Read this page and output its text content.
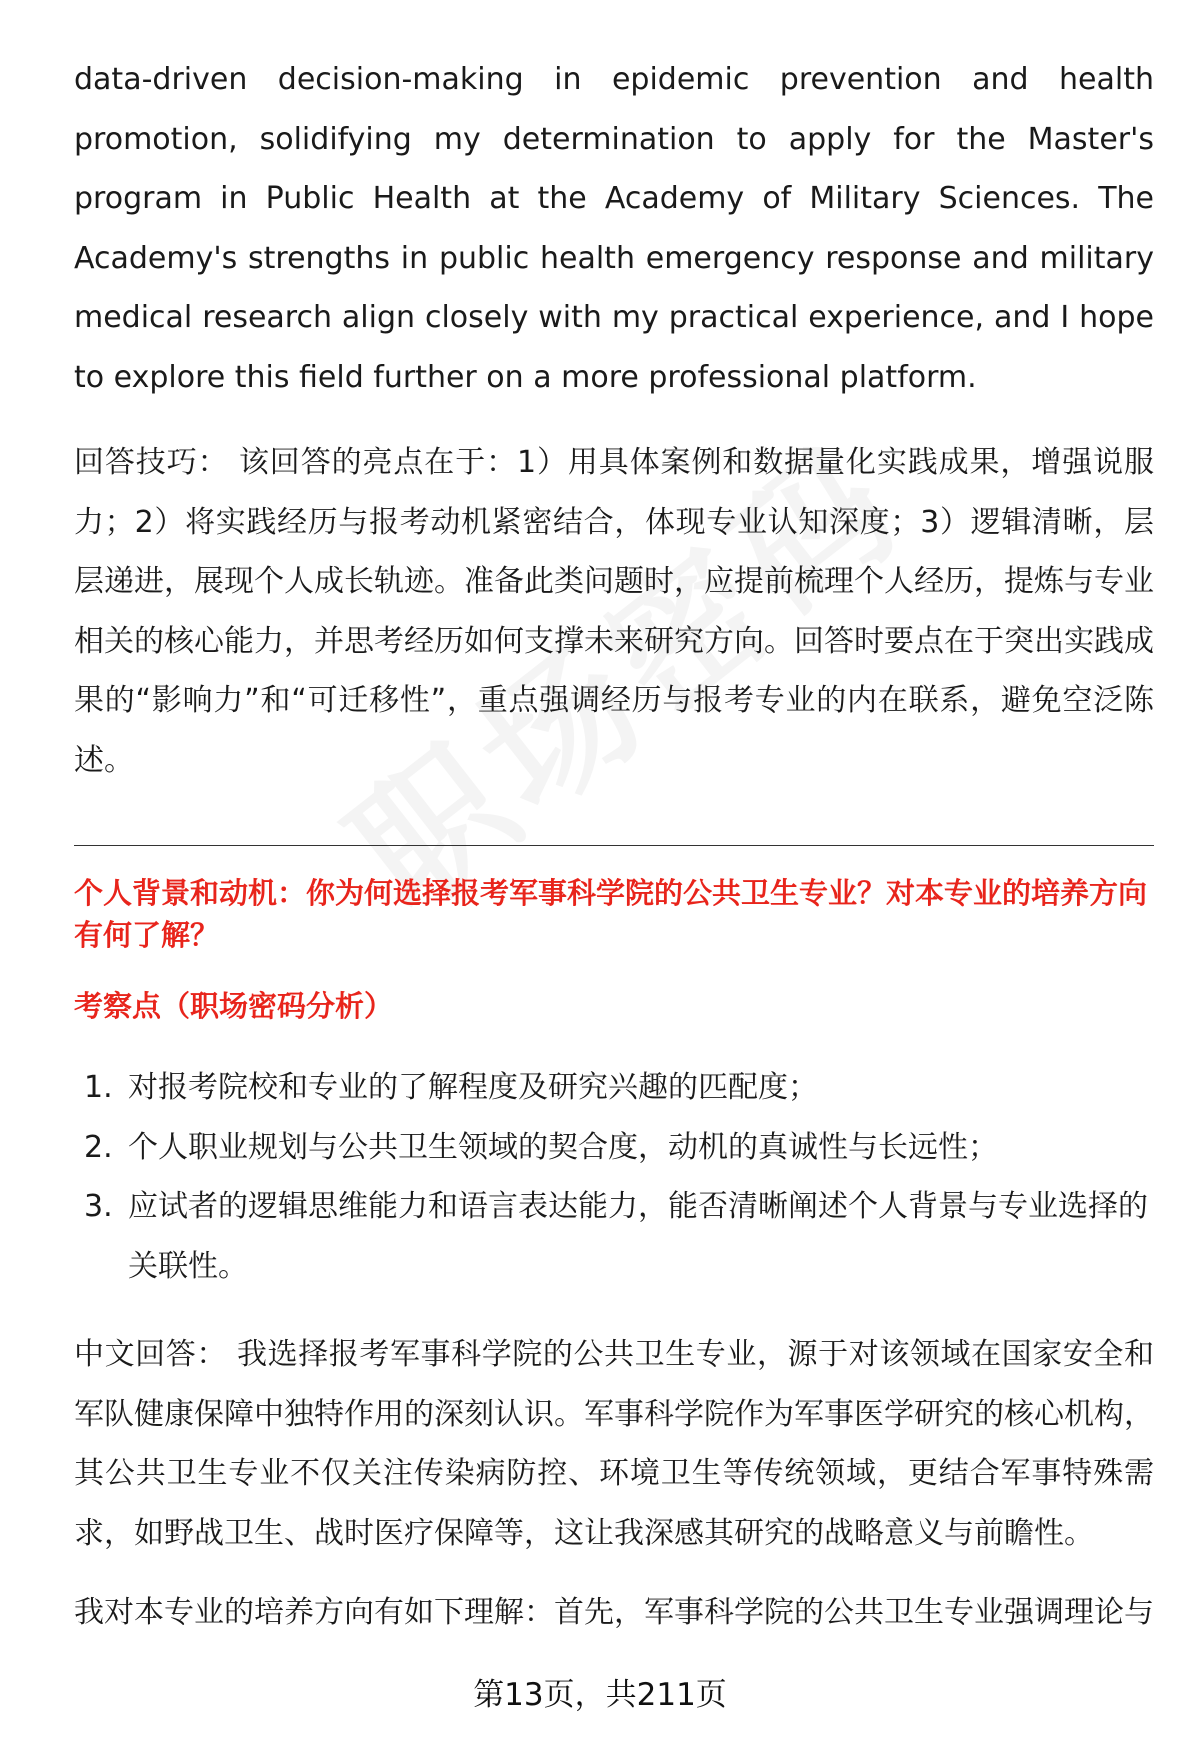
data-driven decision-making in epidemic prevention and health promotion, solidifying my determination to apply for the Master's program in Public Health at the Academy of Military Sciences. The Academy's strengths in public health emergency response and military medical research align closely with my practical experience, and I hope to explore this field further on a more professional platform.

回答技巧： 该回答的亮点在于：1）用具体案例和数据量化实践成果，增强说服力；2）将实践经历与报考动机紧密结合，体现专业认知深度；3）逻辑清晰，层层递进，展现个人成长轨迹。准备此类问题时，应提前梳理个人经历，提炼与专业相关的核心能力，并思考经历如何支撑未来研究方向。回答时要点在于突出实践成果的“影响力”和“可迁移性”，重点强调经历与报考专业的内在联系，避免空泛陈述。

个人背景和动机：你为何选择报考军事科学院的公共卫生专业？对本专业的培养方向有何了解？
考察点（职场密码分析）
1. 对报考院校和专业的了解程度及研究兴趣的匹配度；
2. 个人职业规划与公共卫生领域的契合度，动机的真诚性与长远性；
3. 应试者的逻辑思维能力和语言表达能力，能否清晰阐述个人背景与专业选择的关联性。

中文回答： 我选择报考军事科学院的公共卫生专业，源于对该领域在国家安全和军队健康保障中独特作用的深刻认识。军事科学院作为军事医学研究的核心机构，其公共卫生专业不仅关注传染病防控、环境卫生等传统领域，更结合军事特殊需求，如野战卫生、战时医疗保障等，这让我深感其研究的战略意义与前瞻性。

我对本专业的培养方向有如下理解：首先，军事科学院的公共卫生专业强调理论与

第13页，共211页
